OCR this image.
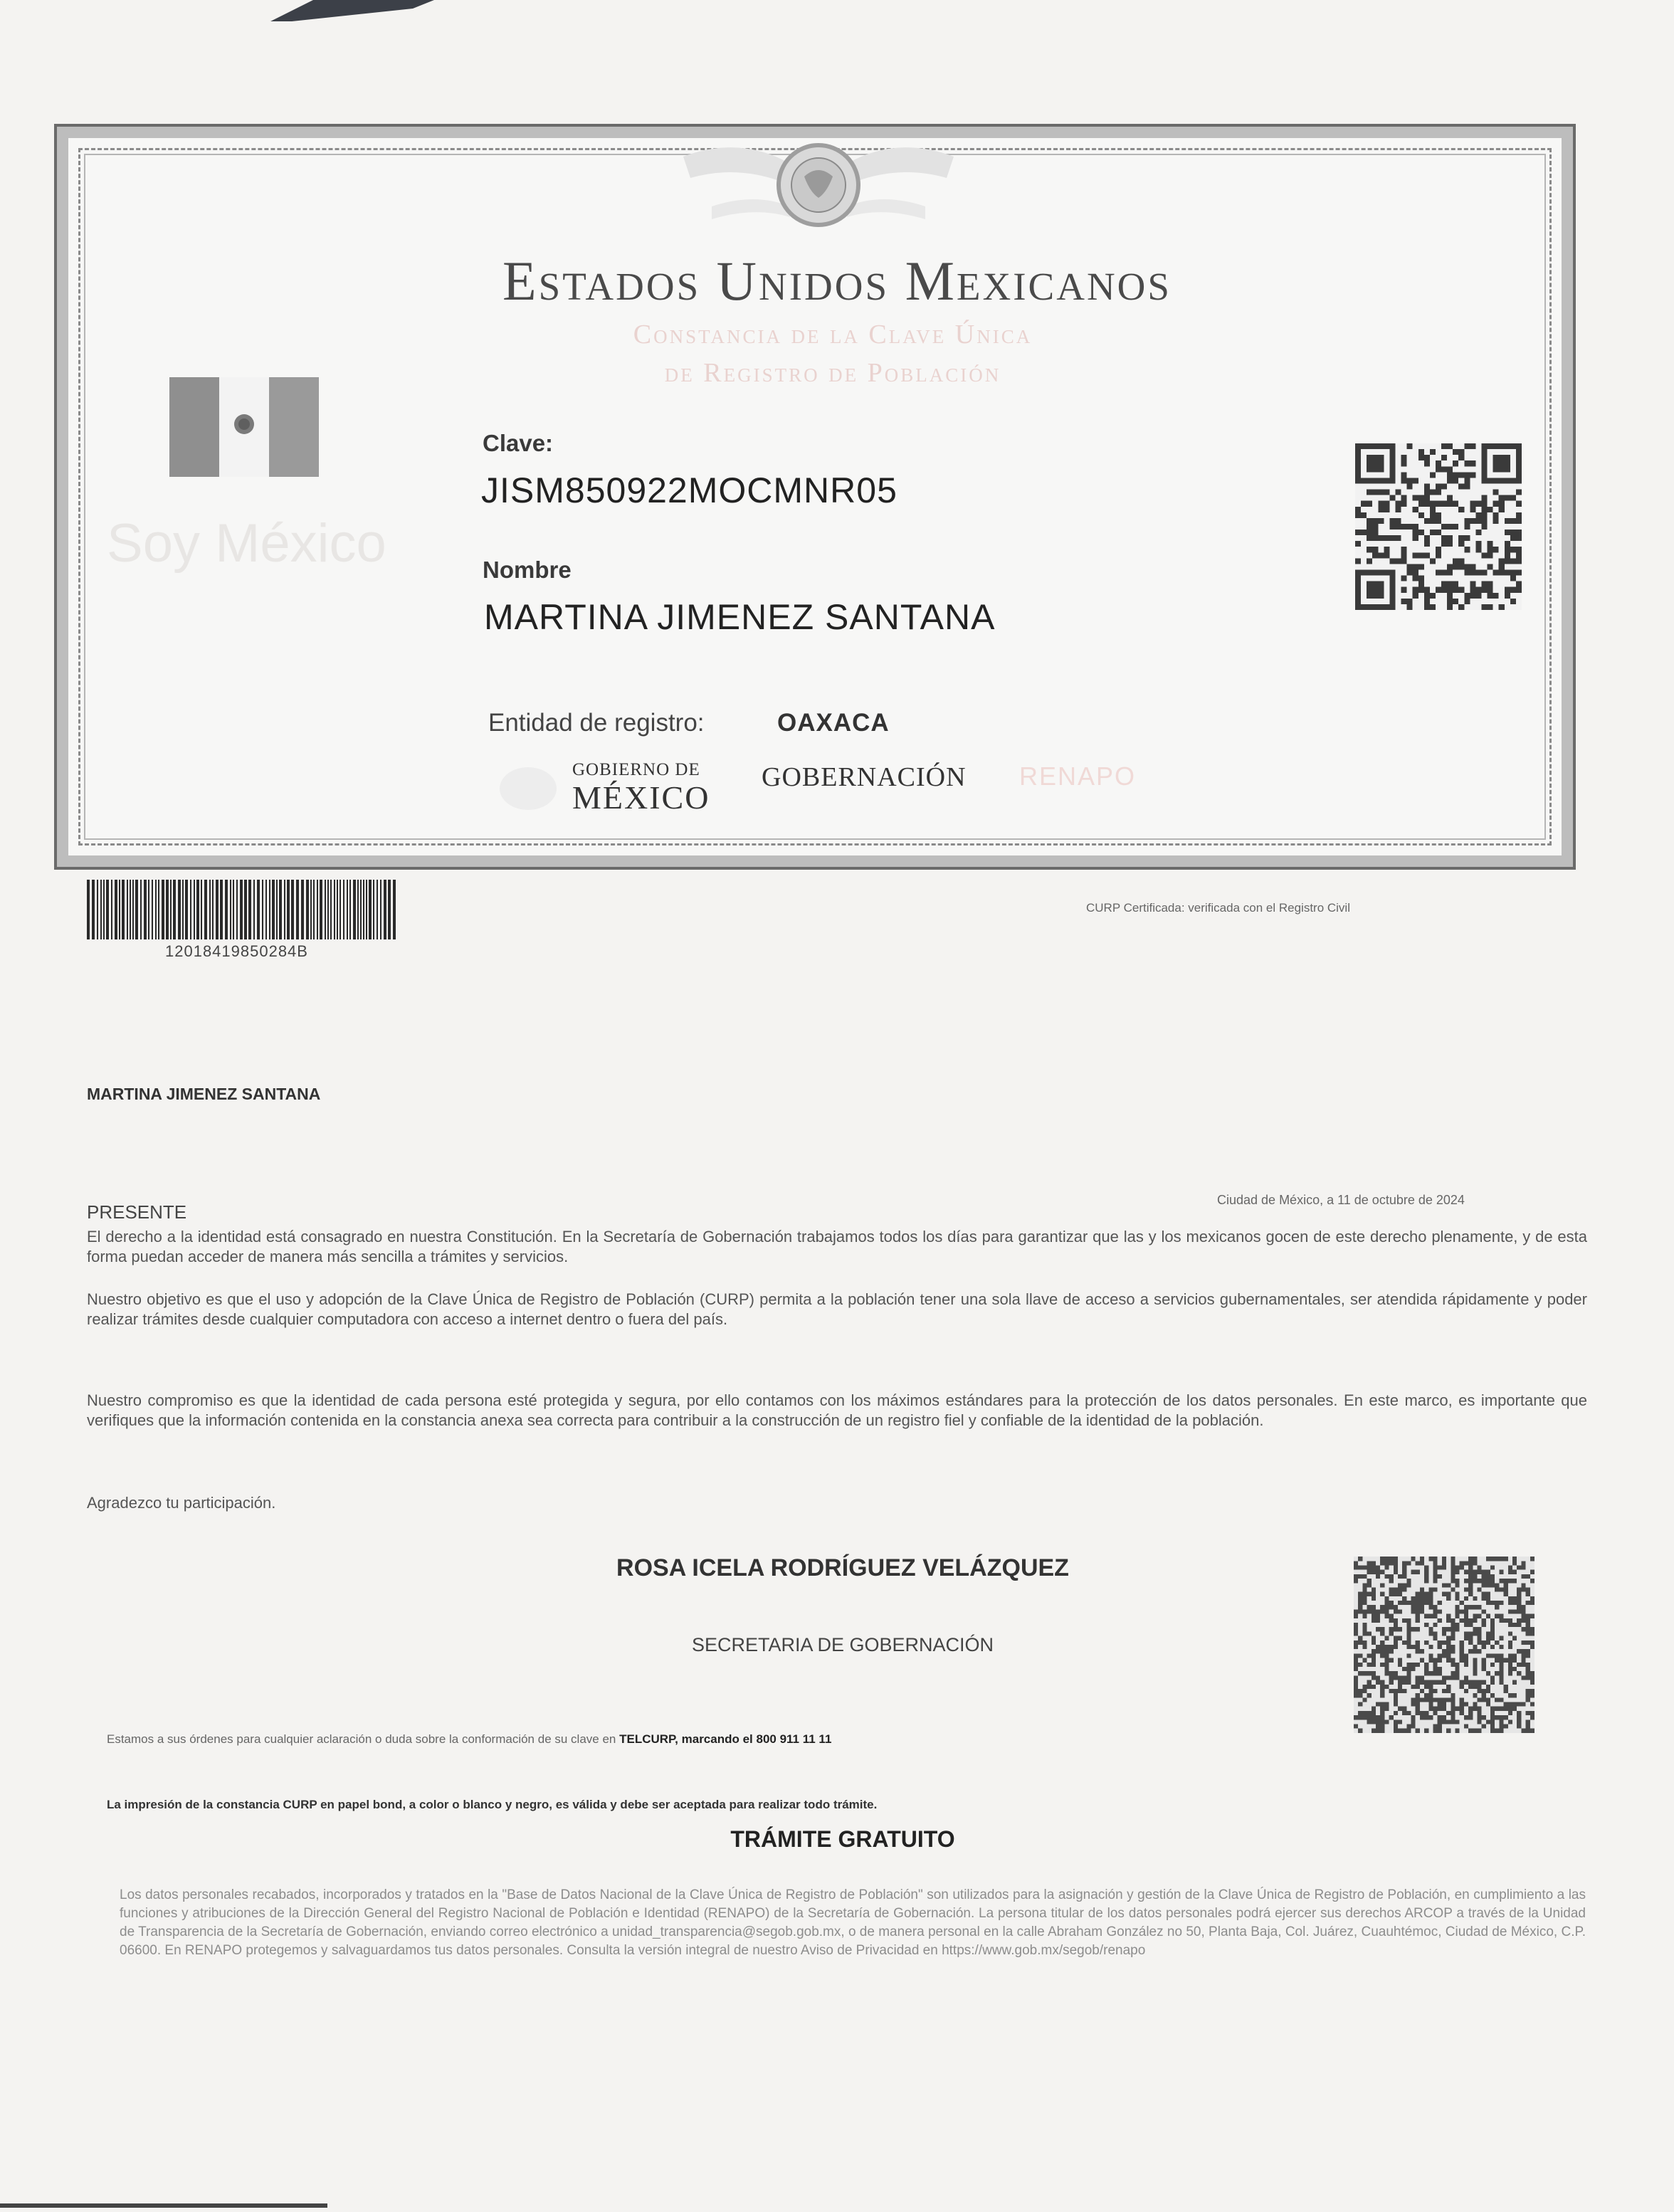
Estados Unidos Mexicanos
Constancia de la Clave Única
de Registro de Población
Soy México
Clave:
JISM850922MOCMNR05
Nombre
MARTINA JIMENEZ SANTANA
Entidad de registro:	OAXACA
GOBIERNO DE
MÉXICO
GOBERNACIÓN RENAPO
12018419850284B
CURP Certificada: verificada con el Registro Civil
MARTINA JIMENEZ SANTANA
PRESENTE
Ciudad de México, a 11 de octubre de 2024
El derecho a la identidad está consagrado en nuestra Constitución. En la Secretaría de Gobernación trabajamos todos los días para garantizar que las y los mexicanos gocen de este derecho plenamente, y de esta forma puedan acceder de manera más sencilla a trámites y servicios.
Nuestro objetivo es que el uso y adopción de la Clave Única de Registro de Población (CURP) permita a la población tener una sola llave de acceso a servicios gubernamentales, ser atendida rápidamente y poder realizar trámites desde cualquier computadora con acceso a internet dentro o fuera del país.
Nuestro compromiso es que la identidad de cada persona esté protegida y segura, por ello contamos con los máximos estándares para la protección de los datos personales. En este marco, es importante que verifiques que la información contenida en la constancia anexa sea correcta para contribuir a la construcción de un registro fiel y confiable de la identidad de la población.
Agradezco tu participación.
ROSA ICELA RODRÍGUEZ VELÁZQUEZ
SECRETARIA DE GOBERNACIÓN
Estamos a sus órdenes para cualquier aclaración o duda sobre la conformación de su clave en TELCURP, marcando el 800 911 11 11
La impresión de la constancia CURP en papel bond, a color o blanco y negro, es válida y debe ser aceptada para realizar todo trámite.
TRÁMITE GRATUITO
Los datos personales recabados, incorporados y tratados en la "Base de Datos Nacional de la Clave Única de Registro de Población" son utilizados para la asignación y gestión de la Clave Única de Registro de Población, en cumplimiento a las funciones y atribuciones de la Dirección General del Registro Nacional de Población e Identidad (RENAPO) de la Secretaría de Gobernación. La persona titular de los datos personales podrá ejercer sus derechos ARCOP a través de la Unidad de Transparencia de la Secretaría de Gobernación, enviando correo electrónico a unidad_transparencia@segob.gob.mx, o de manera personal en la calle Abraham González no 50, Planta Baja, Col. Juárez, Cuauhtémoc, Ciudad de México, C.P. 06600. En RENAPO protegemos y salvaguardamos tus datos personales. Consulta la versión integral de nuestro Aviso de Privacidad en https://www.gob.mx/segob/renapo
